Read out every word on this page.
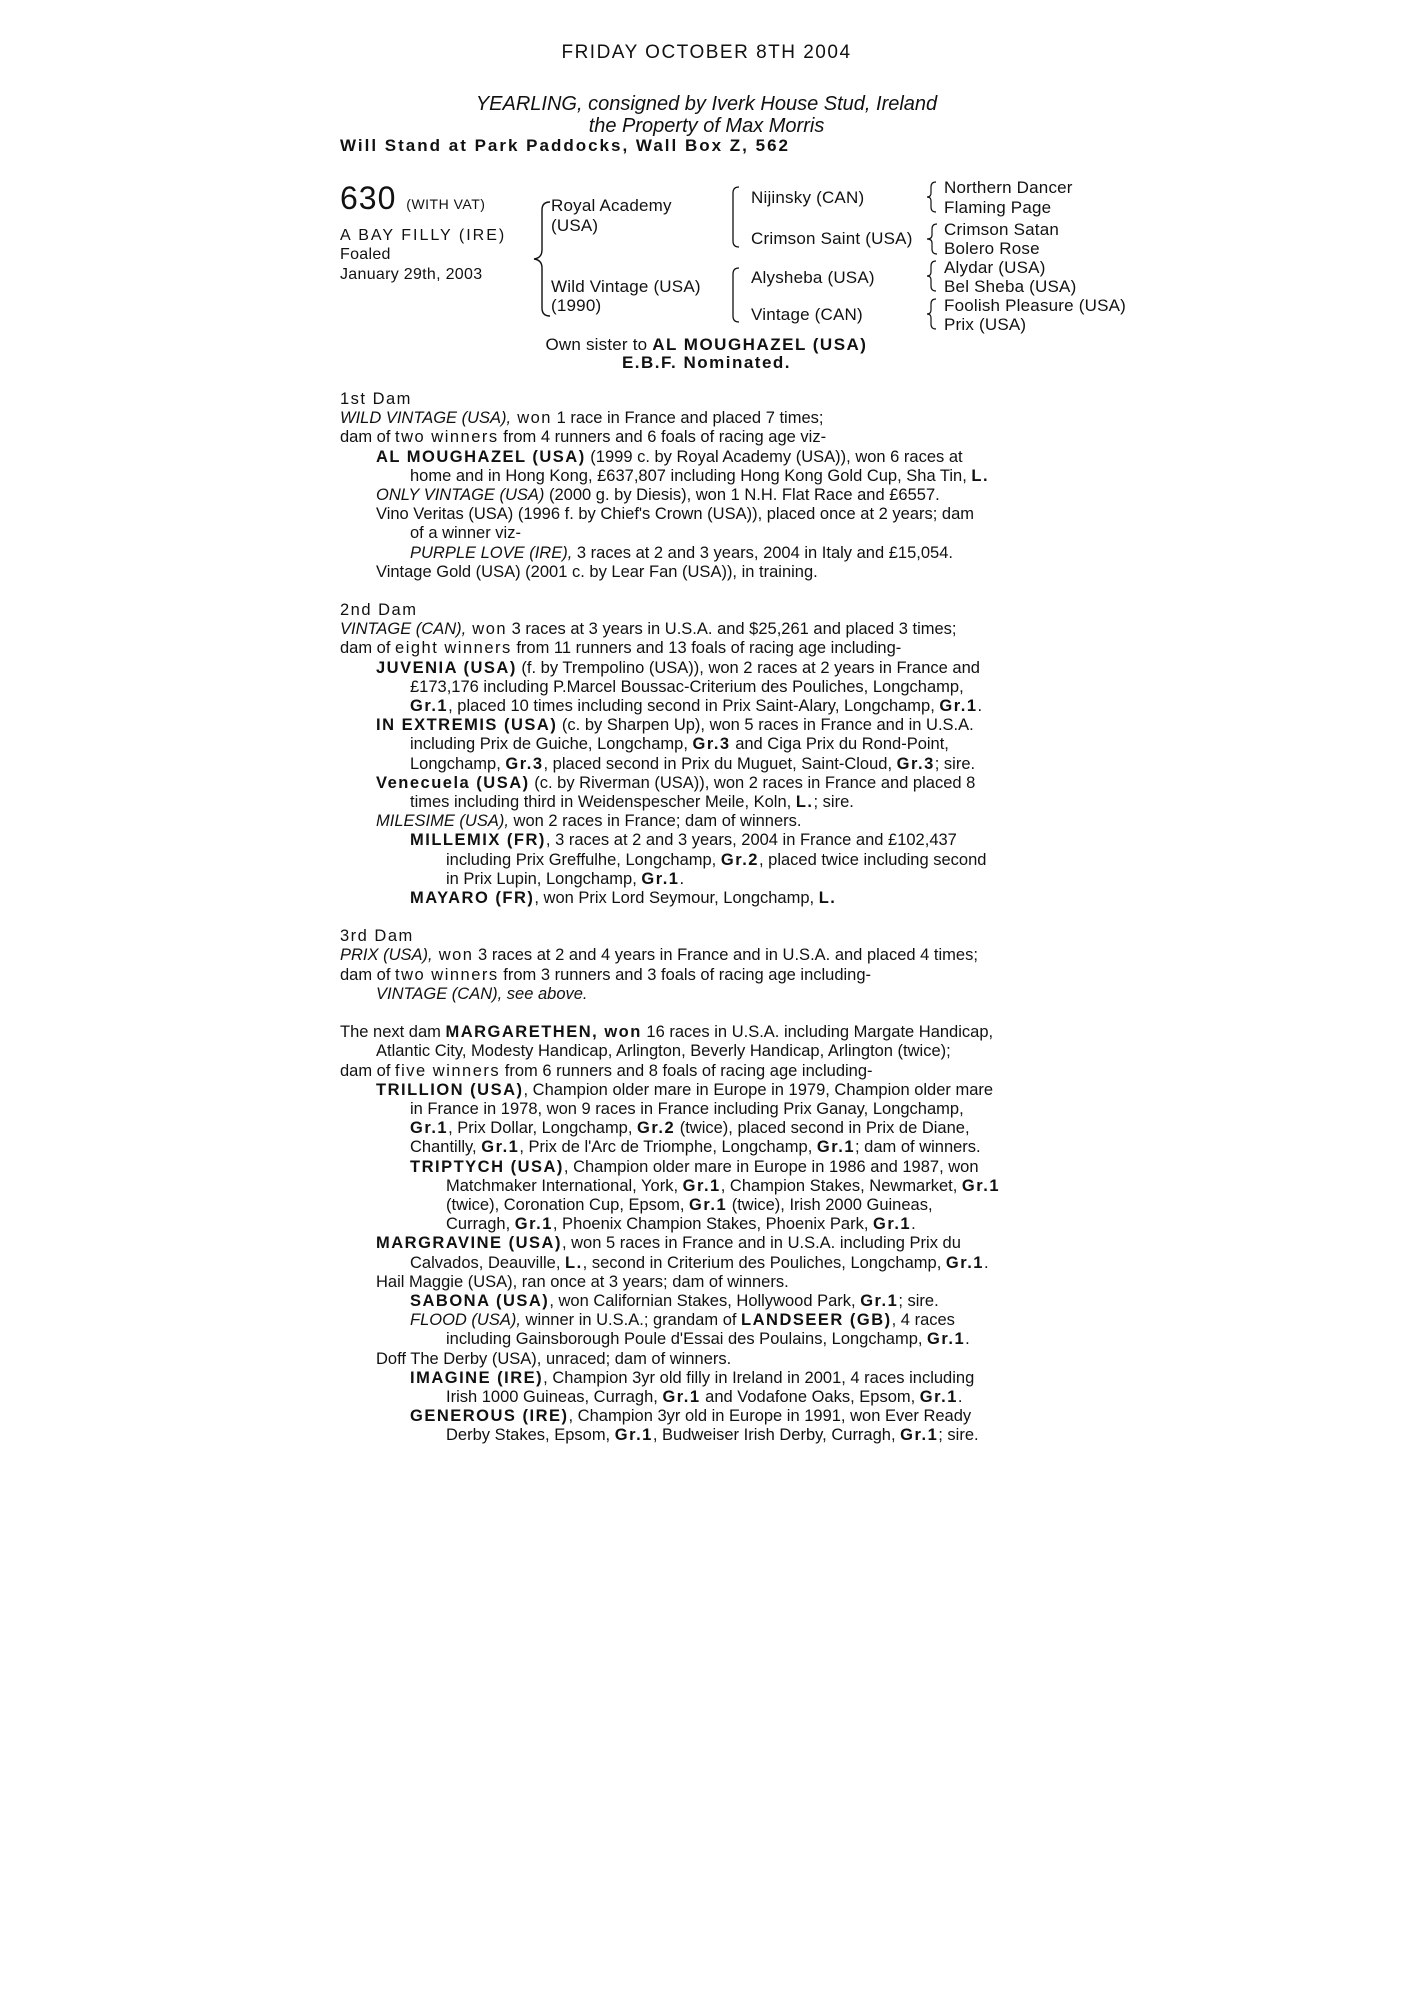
FRIDAY OCTOBER 8TH 2004
YEARLING, consigned by Iverk House Stud, Ireland
the Property of Max Morris
Will Stand at Park Paddocks, Wall Box Z, 562
630 (WITH VAT)
A BAY FILLY (IRE)
Foaled
January 29th, 2003
Royal Academy
(USA)
Wild Vintage (USA)
(1990)
Nijinsky (CAN)
Crimson Saint (USA)
Alysheba (USA)
Vintage (CAN)
Northern Dancer
Flaming Page
Crimson Satan
Bolero Rose
Alydar (USA)
Bel Sheba (USA)
Foolish Pleasure (USA)
Prix (USA)
Own sister to AL MOUGHAZEL (USA)
E.B.F. Nominated.
1st Dam
WILD VINTAGE (USA), won 1 race in France and placed 7 times;
dam of two winners from 4 runners and 6 foals of racing age viz-
AL MOUGHAZEL (USA) (1999 c. by Royal Academy (USA)), won 6 races at
home and in Hong Kong, £637,807 including Hong Kong Gold Cup, Sha Tin, L.
ONLY VINTAGE (USA) (2000 g. by Diesis), won 1 N.H. Flat Race and £6557.
Vino Veritas (USA) (1996 f. by Chief's Crown (USA)), placed once at 2 years; dam
of a winner viz-
PURPLE LOVE (IRE), 3 races at 2 and 3 years, 2004 in Italy and £15,054.
Vintage Gold (USA) (2001 c. by Lear Fan (USA)), in training.
2nd Dam
VINTAGE (CAN), won 3 races at 3 years in U.S.A. and $25,261 and placed 3 times;
dam of eight winners from 11 runners and 13 foals of racing age including-
JUVENIA (USA) (f. by Trempolino (USA)), won 2 races at 2 years in France and
£173,176 including P.Marcel Boussac-Criterium des Pouliches, Longchamp,
Gr.1, placed 10 times including second in Prix Saint-Alary, Longchamp, Gr.1.
IN EXTREMIS (USA) (c. by Sharpen Up), won 5 races in France and in U.S.A.
including Prix de Guiche, Longchamp, Gr.3 and Ciga Prix du Rond-Point,
Longchamp, Gr.3, placed second in Prix du Muguet, Saint-Cloud, Gr.3; sire.
Venecuela (USA) (c. by Riverman (USA)), won 2 races in France and placed 8
times including third in Weidenspescher Meile, Koln, L.; sire.
MILESIME (USA), won 2 races in France; dam of winners.
MILLEMIX (FR), 3 races at 2 and 3 years, 2004 in France and £102,437
including Prix Greffulhe, Longchamp, Gr.2, placed twice including second
in Prix Lupin, Longchamp, Gr.1.
MAYARO (FR), won Prix Lord Seymour, Longchamp, L.
3rd Dam
PRIX (USA), won 3 races at 2 and 4 years in France and in U.S.A. and placed 4 times;
dam of two winners from 3 runners and 3 foals of racing age including-
VINTAGE (CAN), see above.
The next dam MARGARETHEN, won 16 races in U.S.A. including Margate Handicap,
Atlantic City, Modesty Handicap, Arlington, Beverly Handicap, Arlington (twice);
dam of five winners from 6 runners and 8 foals of racing age including-
TRILLION (USA), Champion older mare in Europe in 1979, Champion older mare
in France in 1978, won 9 races in France including Prix Ganay, Longchamp,
Gr.1, Prix Dollar, Longchamp, Gr.2 (twice), placed second in Prix de Diane,
Chantilly, Gr.1, Prix de l'Arc de Triomphe, Longchamp, Gr.1; dam of winners.
TRIPTYCH (USA), Champion older mare in Europe in 1986 and 1987, won
Matchmaker International, York, Gr.1, Champion Stakes, Newmarket, Gr.1
(twice), Coronation Cup, Epsom, Gr.1 (twice), Irish 2000 Guineas,
Curragh, Gr.1, Phoenix Champion Stakes, Phoenix Park, Gr.1.
MARGRAVINE (USA), won 5 races in France and in U.S.A. including Prix du
Calvados, Deauville, L., second in Criterium des Pouliches, Longchamp, Gr.1.
Hail Maggie (USA), ran once at 3 years; dam of winners.
SABONA (USA), won Californian Stakes, Hollywood Park, Gr.1; sire.
FLOOD (USA), winner in U.S.A.; grandam of LANDSEER (GB), 4 races
including Gainsborough Poule d'Essai des Poulains, Longchamp, Gr.1.
Doff The Derby (USA), unraced; dam of winners.
IMAGINE (IRE), Champion 3yr old filly in Ireland in 2001, 4 races including
Irish 1000 Guineas, Curragh, Gr.1 and Vodafone Oaks, Epsom, Gr.1.
GENEROUS (IRE), Champion 3yr old in Europe in 1991, won Ever Ready
Derby Stakes, Epsom, Gr.1, Budweiser Irish Derby, Curragh, Gr.1; sire.
